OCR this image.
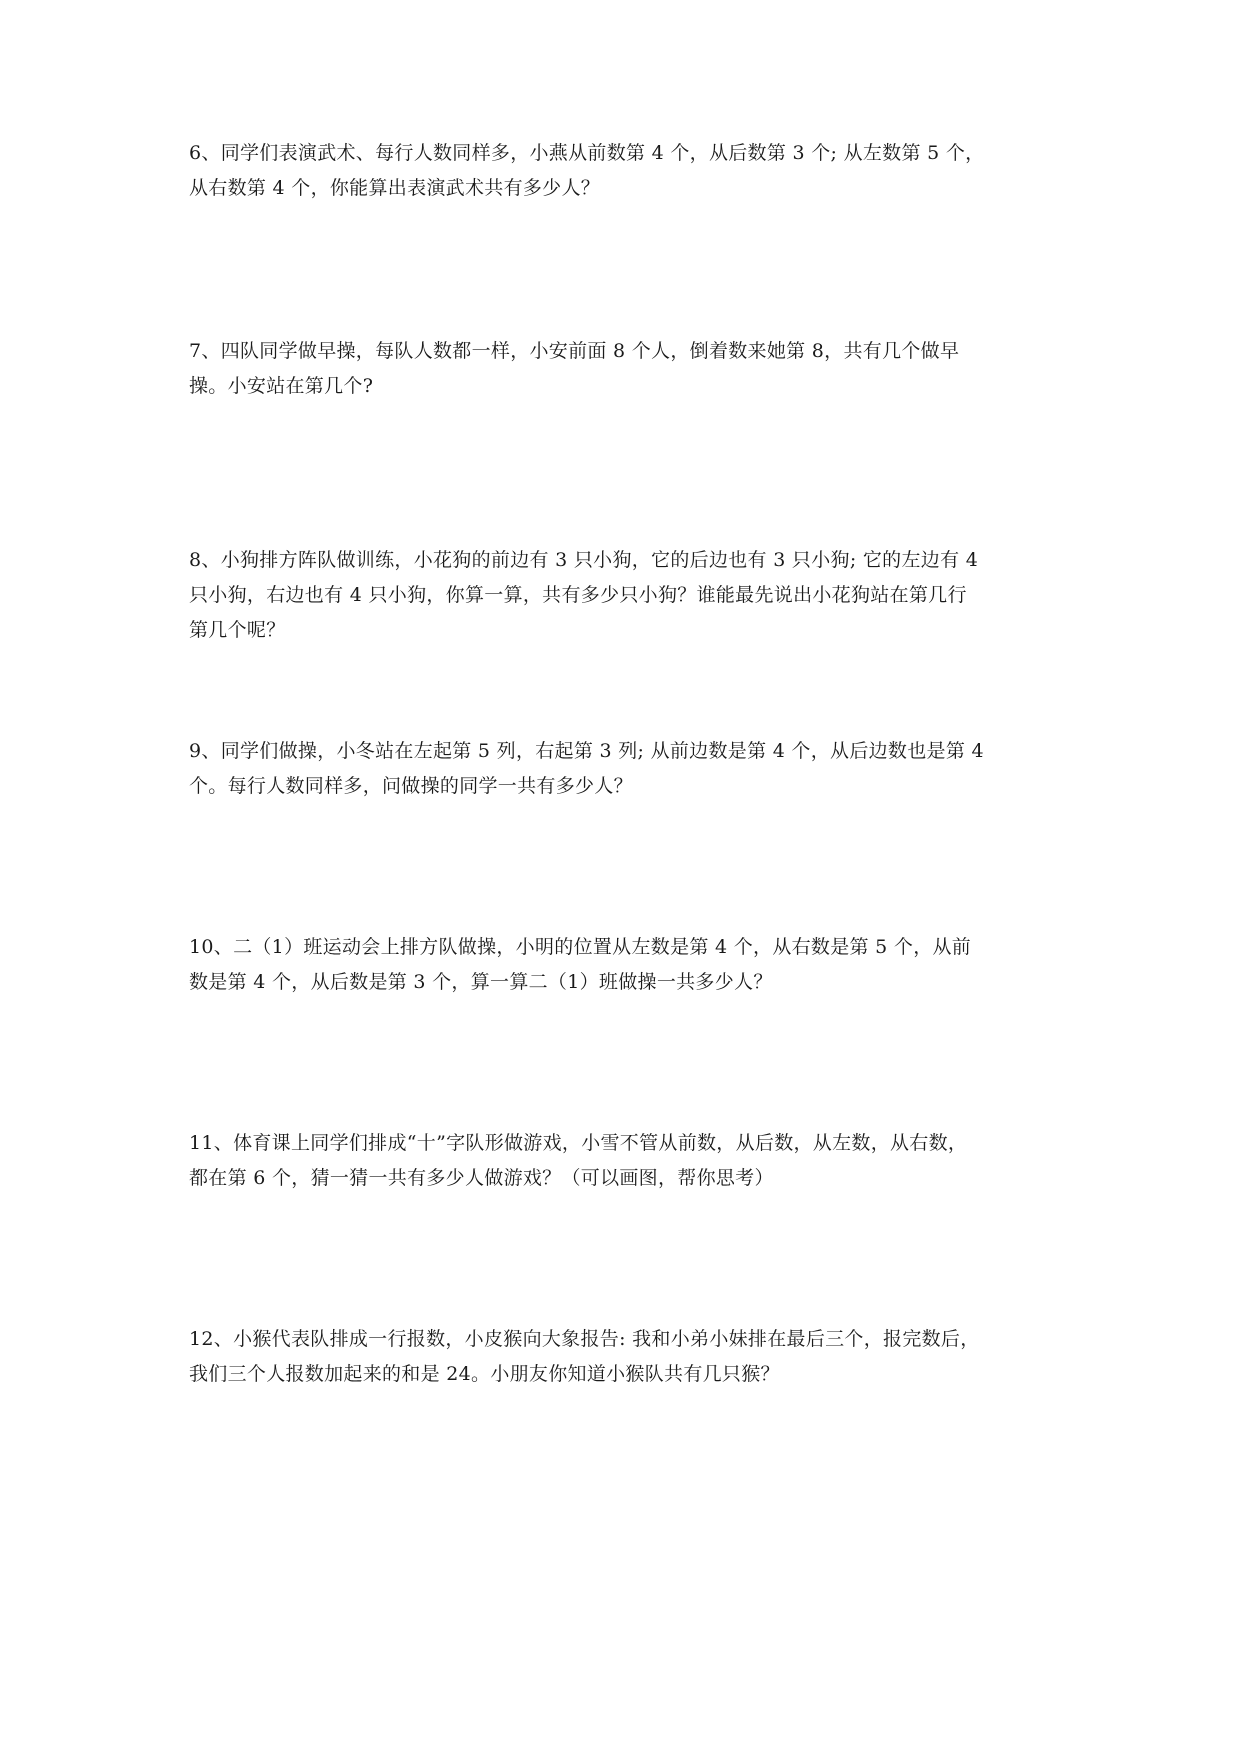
6、同学们表演武术、每行人数同样多，小燕从前数第 4 个，从后数第 3 个; 从左数第 5 个，
从右数第 4 个，你能算出表演武术共有多少人？
7、四队同学做早操，每队人数都一样，小安前面 8 个人，倒着数来她第 8，共有几个做早
操。小安站在第几个?
8、小狗排方阵队做训练，小花狗的前边有 3 只小狗，它的后边也有 3 只小狗; 它的左边有 4
只小狗，右边也有 4 只小狗，你算一算，共有多少只小狗？谁能最先说出小花狗站在第几行
第几个呢？
9、同学们做操，小冬站在左起第 5 列，右起第 3 列; 从前边数是第 4 个，从后边数也是第 4
个。每行人数同样多，问做操的同学一共有多少人？
10、二（1）班运动会上排方队做操，小明的位置从左数是第 4 个，从右数是第 5 个，从前
数是第 4 个，从后数是第 3 个，算一算二（1）班做操一共多少人？
11、体育课上同学们排成“十”字队形做游戏，小雪不管从前数，从后数，从左数，从右数，
都在第 6 个，猜一猜一共有多少人做游戏？（可以画图，帮你思考）
12、小猴代表队排成一行报数，小皮猴向大象报告: 我和小弟小妹排在最后三个，报完数后，
我们三个人报数加起来的和是 24。小朋友你知道小猴队共有几只猴？
